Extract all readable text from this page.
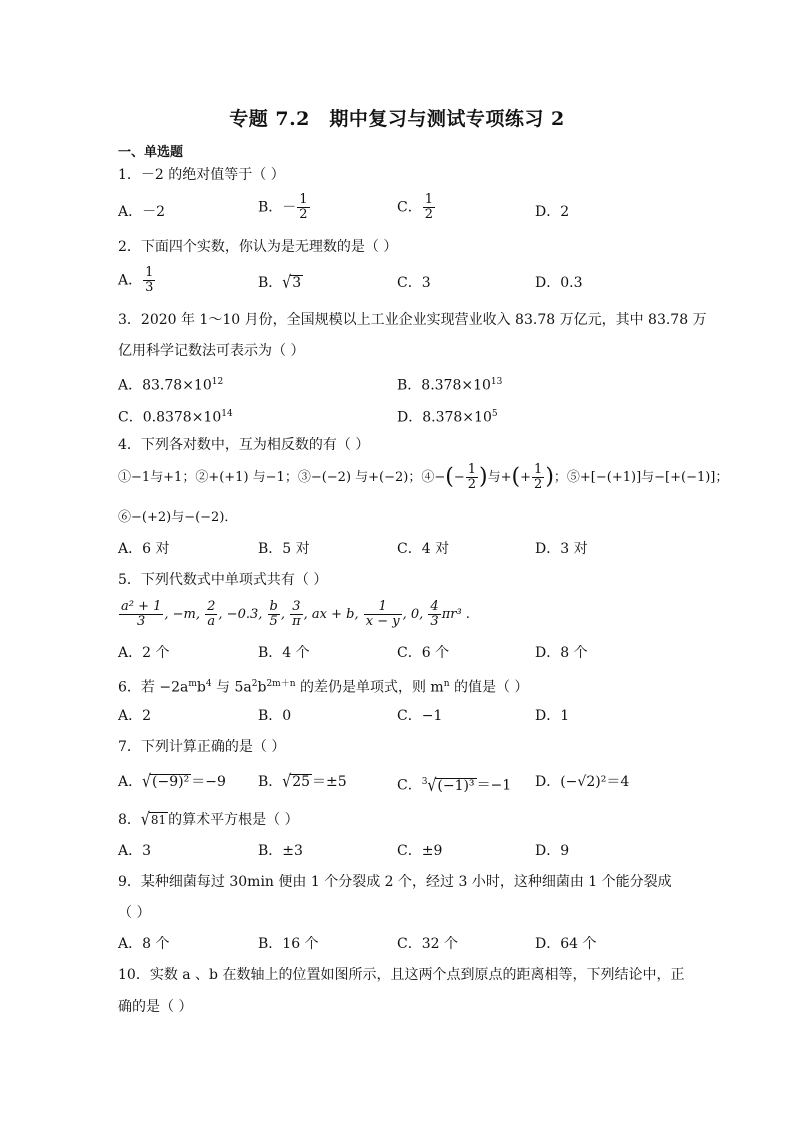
专题 7.2　期中复习与测试专项练习 2
一、单选题
1．－2 的绝对值等于（ ）
A．－2	B．－ $\frac{1}{2}$	C． $\frac{1}{2}$	D．2
2．下面四个实数，你认为是无理数的是（ ）
A． $\frac{1}{3}$	B．√3	C．3	D．0.3
3．2020 年 1～10 月份，全国规模以上工业企业实现营业收入 83.78 万亿元，其中 83.78 万
亿用科学记数法可表示为（ ）
A．$83.78\times 10^{12}$	B．$8.378\times 10^{13}$
C．$0.8378\times 10^{14}$	D．$8.378\times 10^5$
4．下列各对数中，互为相反数的有（ ）
①−1与+1；②+(+1) 与−1；③−(−2) 与+(−2)；④−(− $\frac{1}{2}$ )与+(+ $\frac{1}{2}$ )；⑤+[−(+1)]与−[+(−1)]；
⑥−(+2)与−(−2)．
A．6 对	B．5 对	C．4 对	D．3 对
5．下列代数式中单项式共有（ ）
$\frac{\text{a² + 1}}{3}$ , −m, $\frac{2}{a}$ , −0.3, $\frac{b}{5}$ , $\frac{3}{\pi}$ , ax + b, $\frac{1}{x - y}$ , 0, $\frac{4}{3} \pi r^3$ .
A．2 个	B．4 个	C．6 个	D．8 个
6．若 $-2a^mb^4$ 与 $5a^2b^{2m+n}$ 的差仍是单项式，则 $m^n$ 的值是（ ）
A．2	B．0	C．−1	D．1
7．下列计算正确的是（ ）
A．√(−9)² ＝−9 B．√25 ＝±5	C．$^3$√(−1)³ ＝−1 D．(−√2)²＝4
8．√81 的算术平方根是（ ）
A．3	B．±3	C．±9	D．9
9．某种细菌每过 30min 便由 1 个分裂成 2 个，经过 3 小时，这种细菌由 1 个能分裂成
（ ）
A．8 个	B．16 个	C．32 个	D．64 个
10．实数 a 、b 在数轴上的位置如图所示，且这两个点到原点的距离相等，下列结论中，正
确的是（ ）
